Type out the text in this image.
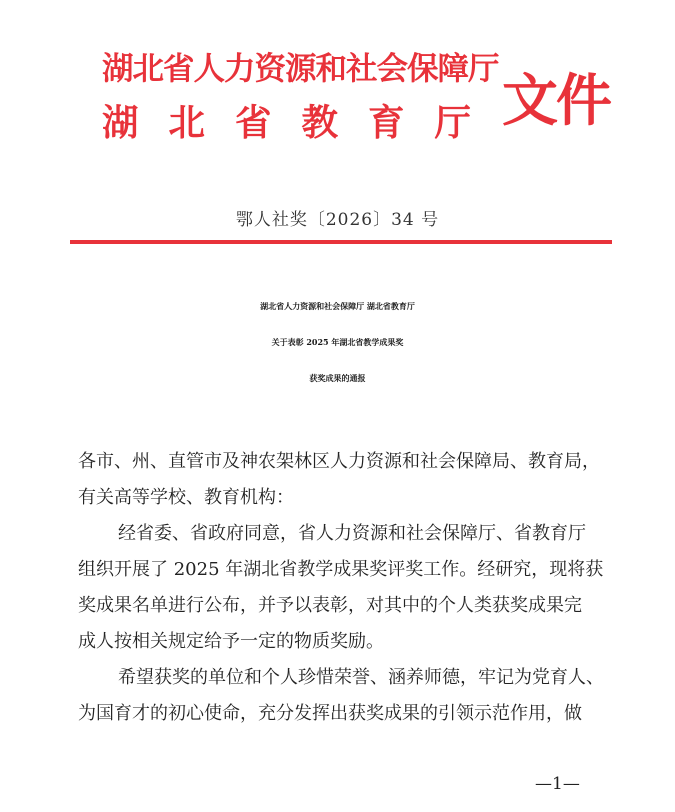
湖北省人力资源和社会保障厅
湖北省教育厅 文件
鄂人社奖〔2026〕34 号
湖北省人力资源和社会保障厅 湖北省教育厅
关于表彰 2025 年湖北省教学成果奖
获奖成果的通报
各市、州、直管市及神农架林区人力资源和社会保障局、教育局，
有关高等学校、教育机构：
经省委、省政府同意，省人力资源和社会保障厅、省教育厅
组织开展了 2025 年湖北省教学成果奖评奖工作。经研究，现将获
奖成果名单进行公布，并予以表彰，对其中的个人类获奖成果完
成人按相关规定给予一定的物质奖励。
希望获奖的单位和个人珍惜荣誉、涵养师德，牢记为党育人、
为国育才的初心使命，充分发挥出获奖成果的引领示范作用，做
—1—
